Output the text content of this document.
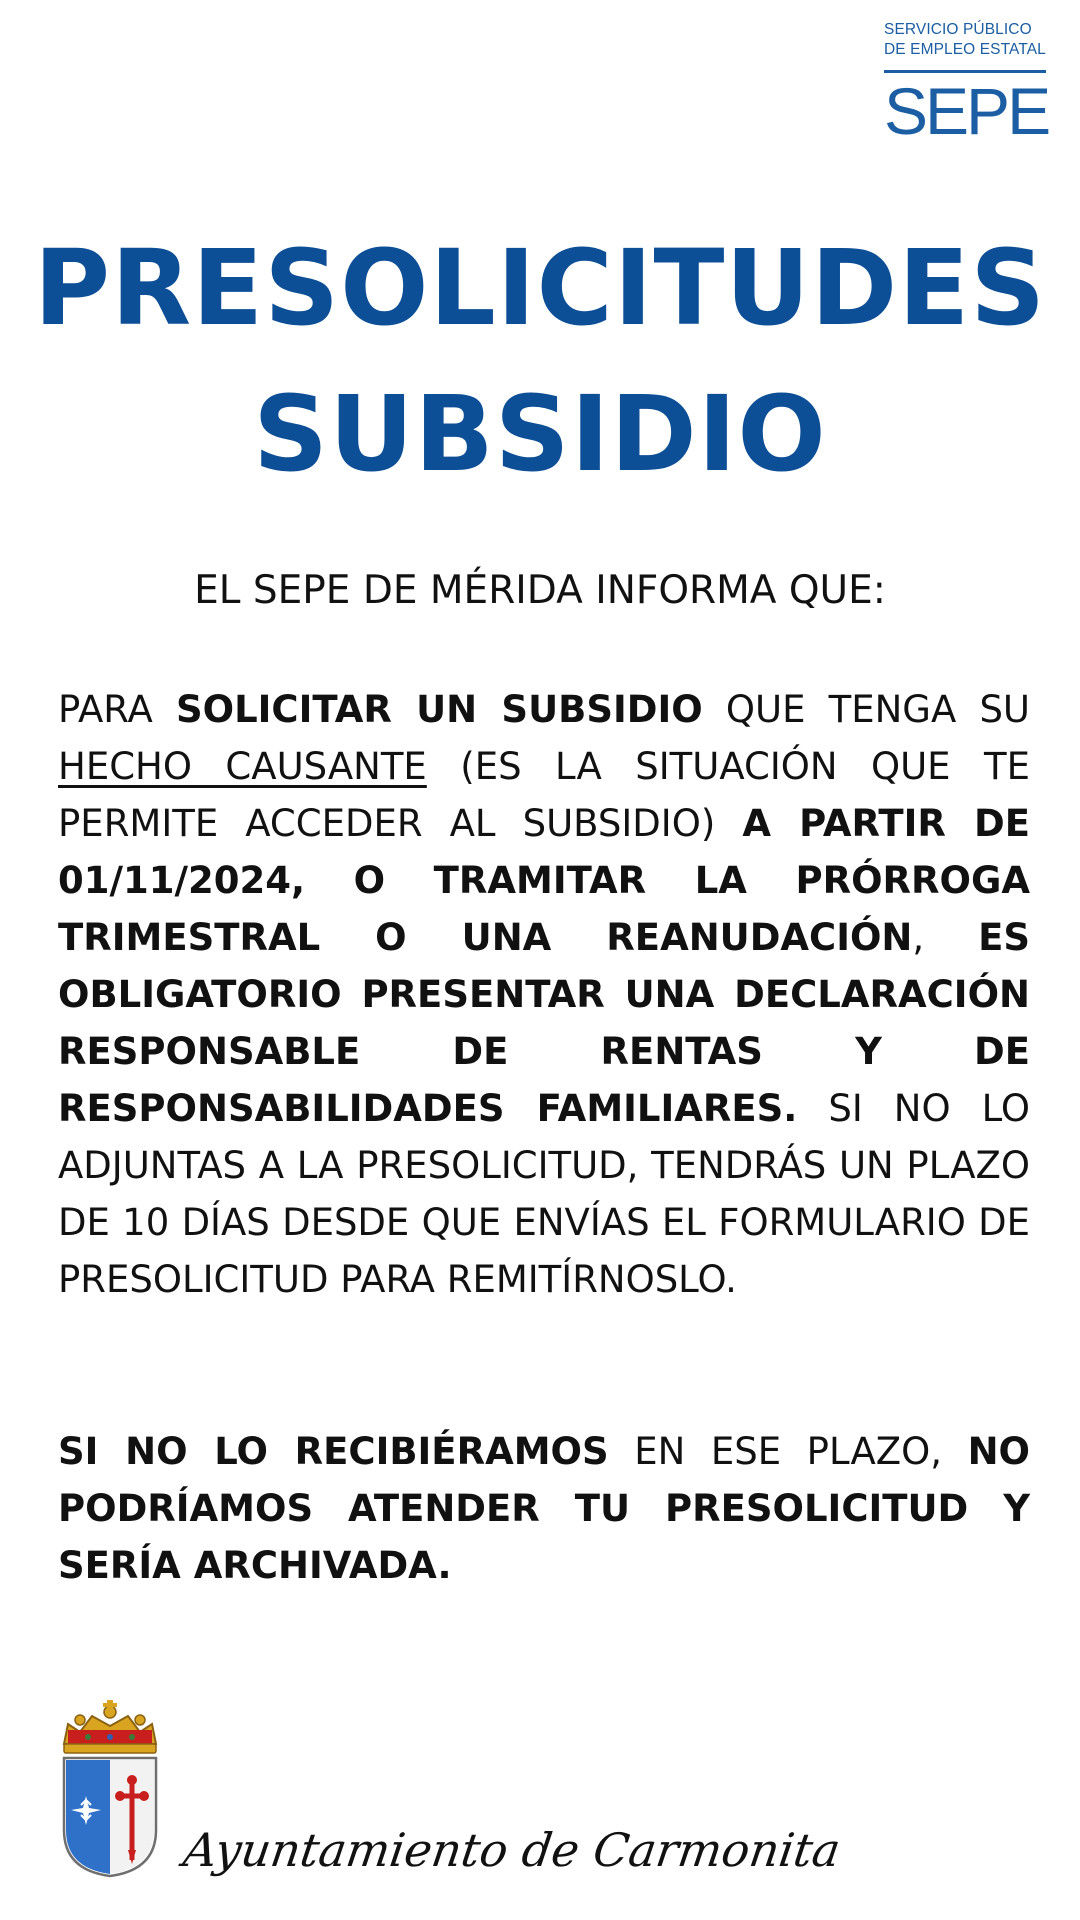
SERVICIO PÚBLICO
DE EMPLEO ESTATAL
SEPE
PRESOLICITUDES
SUBSIDIO
EL SEPE DE MÉRIDA INFORMA QUE:
PARA SOLICITAR UN SUBSIDIO QUE TENGA SU HECHO CAUSANTE (ES LA SITUACIÓN QUE TE PERMITE ACCEDER AL SUBSIDIO) A PARTIR DE 01/11/2024, O TRAMITAR LA PRÓRROGA TRIMESTRAL O UNA REANUDACIÓN, ES OBLIGATORIO PRESENTAR UNA DECLARACIÓN RESPONSABLE DE RENTAS Y DE RESPONSABILIDADES FAMILIARES. SI NO LO ADJUNTAS A LA PRESOLICITUD, TENDRÁS UN PLAZO DE 10 DÍAS DESDE QUE ENVÍAS EL FORMULARIO DE PRESOLICITUD PARA REMITÍRNOSLO.
SI NO LO RECIBIÉRAMOS EN ESE PLAZO, NO PODRÍAMOS ATENDER TU PRESOLICITUD Y SERÍA ARCHIVADA.
Ayuntamiento de Carmonita
